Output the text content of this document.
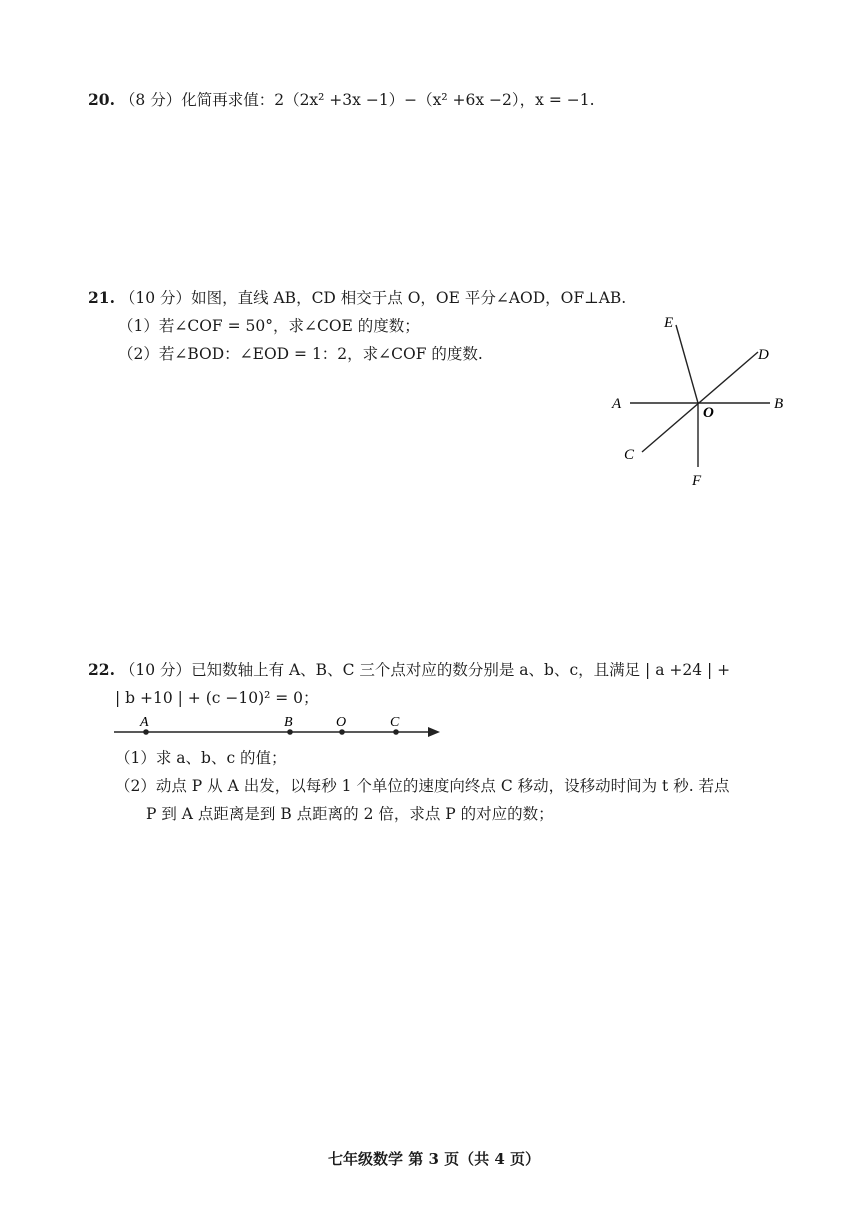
20. （8 分）化简再求值：2（2x² +3x −1）−（x² +6x −2），x = −1.
21. （10 分）如图，直线 AB，CD 相交于点 O，OE 平分∠AOD，OF⊥AB.
（1）若∠COF = 50°，求∠COE 的度数；
（2）若∠BOD：∠EOD = 1：2，求∠COF 的度数.
A	B
C
D
E
F
O
22. （10 分）已知数轴上有 A、B、C 三个点对应的数分别是 a、b、c，且满足 | a +24 | +
| b +10 | + (c −10)² = 0；
（1）求 a、b、c 的值；
（2）动点 P 从 A 出发，以每秒 1 个单位的速度向终点 C 移动，设移动时间为 t 秒. 若点
P 到 A 点距离是到 B 点距离的 2 倍，求点 P 的对应的数；
A	B	O	C
七年级数学 第 3 页（共 4 页）
